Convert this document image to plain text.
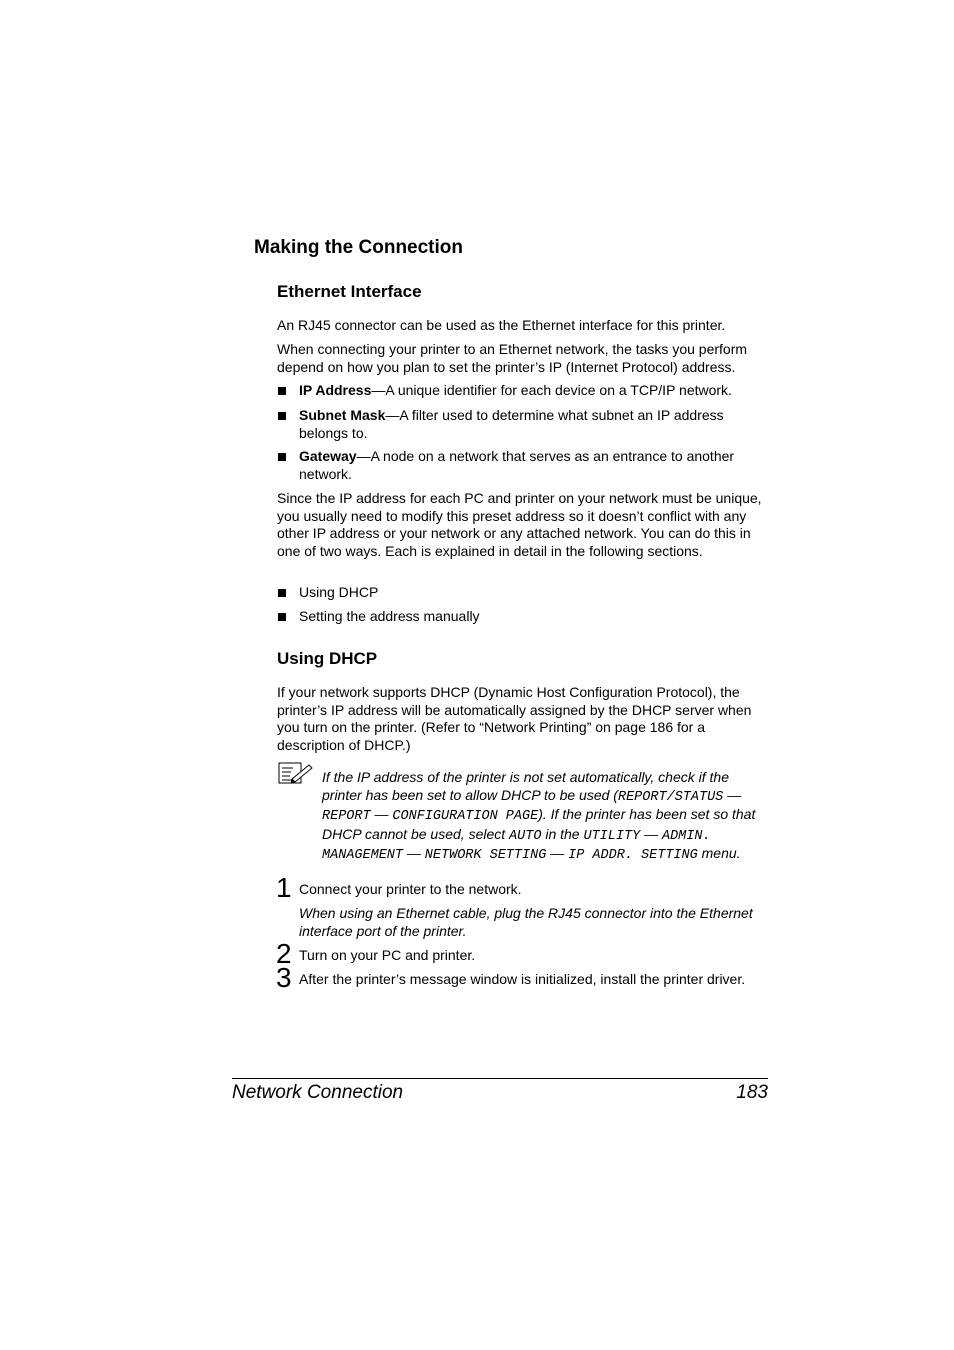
Making the Connection
Ethernet Interface
An RJ45 connector can be used as the Ethernet interface for this printer.
When connecting your printer to an Ethernet network, the tasks you perform depend on how you plan to set the printer’s IP (Internet Protocol) address.
IP Address—A unique identifier for each device on a TCP/IP network.
Subnet Mask—A filter used to determine what subnet an IP address belongs to.
Gateway—A node on a network that serves as an entrance to another network.
Since the IP address for each PC and printer on your network must be unique, you usually need to modify this preset address so it doesn’t conflict with any other IP address or your network or any attached network. You can do this in one of two ways. Each is explained in detail in the following sections.
Using DHCP
Setting the address manually
Using DHCP
If your network supports DHCP (Dynamic Host Configuration Protocol), the printer’s IP address will be automatically assigned by the DHCP server when you turn on the printer. (Refer to “Network Printing” on page 186 for a description of DHCP.)
If the IP address of the printer is not set automatically, check if the printer has been set to allow DHCP to be used (REPORT/STATUS — REPORT — CONFIGURATION PAGE). If the printer has been set so that DHCP cannot be used, select AUTO in the UTILITY — ADMIN. MANAGEMENT — NETWORK SETTING — IP ADDR. SETTING menu.
1 Connect your printer to the network.
When using an Ethernet cable, plug the RJ45 connector into the Ethernet interface port of the printer.
2 Turn on your PC and printer.
3 After the printer’s message window is initialized, install the printer driver.
Network Connection	183
